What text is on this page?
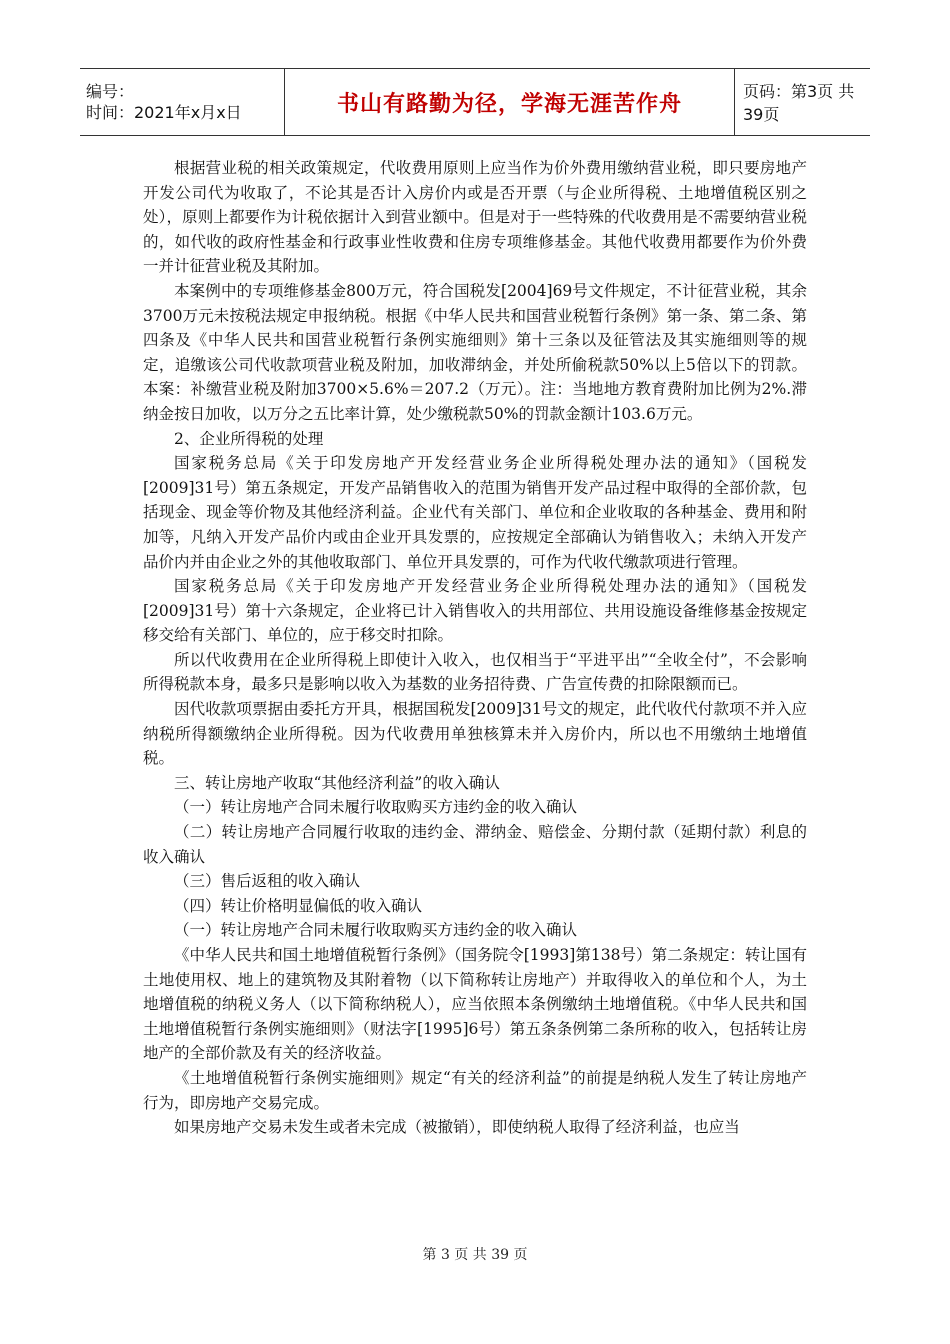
编号：
时间：2021年x月x日	书山有路勤为径，学海无涯苦作舟	页码：第3页 共39页

根据营业税的相关政策规定，代收费用原则上应当作为价外费用缴纳营业税，即只要房地产开发公司代为收取了，不论其是否计入房价内或是否开票（与企业所得税、土地增值税区别之处），原则上都要作为计税依据计入到营业额中。但是对于一些特殊的代收费用是不需要纳营业税的，如代收的政府性基金和行政事业性收费和住房专项维修基金。其他代收费用都要作为价外费一并计征营业税及其附加。

本案例中的专项维修基金800万元，符合国税发[2004]69号文件规定，不计征营业税，其余3700万元未按税法规定申报纳税。根据《中华人民共和国营业税暂行条例》第一条、第二条、第四条及《中华人民共和国营业税暂行条例实施细则》第十三条以及征管法及其实施细则等的规定，追缴该公司代收款项营业税及附加，加收滞纳金，并处所偷税款50%以上5倍以下的罚款。本案：补缴营业税及附加3700×5.6%＝207.2（万元）。注：当地地方教育费附加比例为2%.滞纳金按日加收，以万分之五比率计算，处少缴税款50%的罚款金额计103.6万元。

2、企业所得税的处理

国家税务总局《关于印发房地产开发经营业务企业所得税处理办法的通知》（国税发[2009]31号）第五条规定，开发产品销售收入的范围为销售开发产品过程中取得的全部价款，包括现金、现金等价物及其他经济利益。企业代有关部门、单位和企业收取的各种基金、费用和附加等，凡纳入开发产品价内或由企业开具发票的，应按规定全部确认为销售收入；未纳入开发产品价内并由企业之外的其他收取部门、单位开具发票的，可作为代收代缴款项进行管理。

国家税务总局《关于印发房地产开发经营业务企业所得税处理办法的通知》（国税发[2009]31号）第十六条规定，企业将已计入销售收入的共用部位、共用设施设备维修基金按规定移交给有关部门、单位的，应于移交时扣除。

所以代收费用在企业所得税上即使计入收入，也仅相当于“平进平出”“全收全付”，不会影响所得税款本身，最多只是影响以收入为基数的业务招待费、广告宣传费的扣除限额而已。

因代收款项票据由委托方开具，根据国税发[2009]31号文的规定，此代收代付款项不并入应纳税所得额缴纳企业所得税。因为代收费用单独核算未并入房价内，所以也不用缴纳土地增值税。

三、转让房地产收取“其他经济利益”的收入确认

（一）转让房地产合同未履行收取购买方违约金的收入确认

（二）转让房地产合同履行收取的违约金、滞纳金、赔偿金、分期付款（延期付款）利息的收入确认

（三）售后返租的收入确认

（四）转让价格明显偏低的收入确认

（一）转让房地产合同未履行收取购买方违约金的收入确认

《中华人民共和国土地增值税暂行条例》（国务院令[1993]第138号）第二条规定：转让国有土地使用权、地上的建筑物及其附着物（以下简称转让房地产）并取得收入的单位和个人，为土地增值税的纳税义务人（以下简称纳税人），应当依照本条例缴纳土地增值税。《中华人民共和国土地增值税暂行条例实施细则》（财法字[1995]6号）第五条条例第二条所称的收入，包括转让房地产的全部价款及有关的经济收益。

《土地增值税暂行条例实施细则》规定“有关的经济利益”的前提是纳税人发生了转让房地产行为，即房地产交易完成。

如果房地产交易未发生或者未完成（被撤销），即使纳税人取得了经济利益，也应当

第 3 页 共 39 页
